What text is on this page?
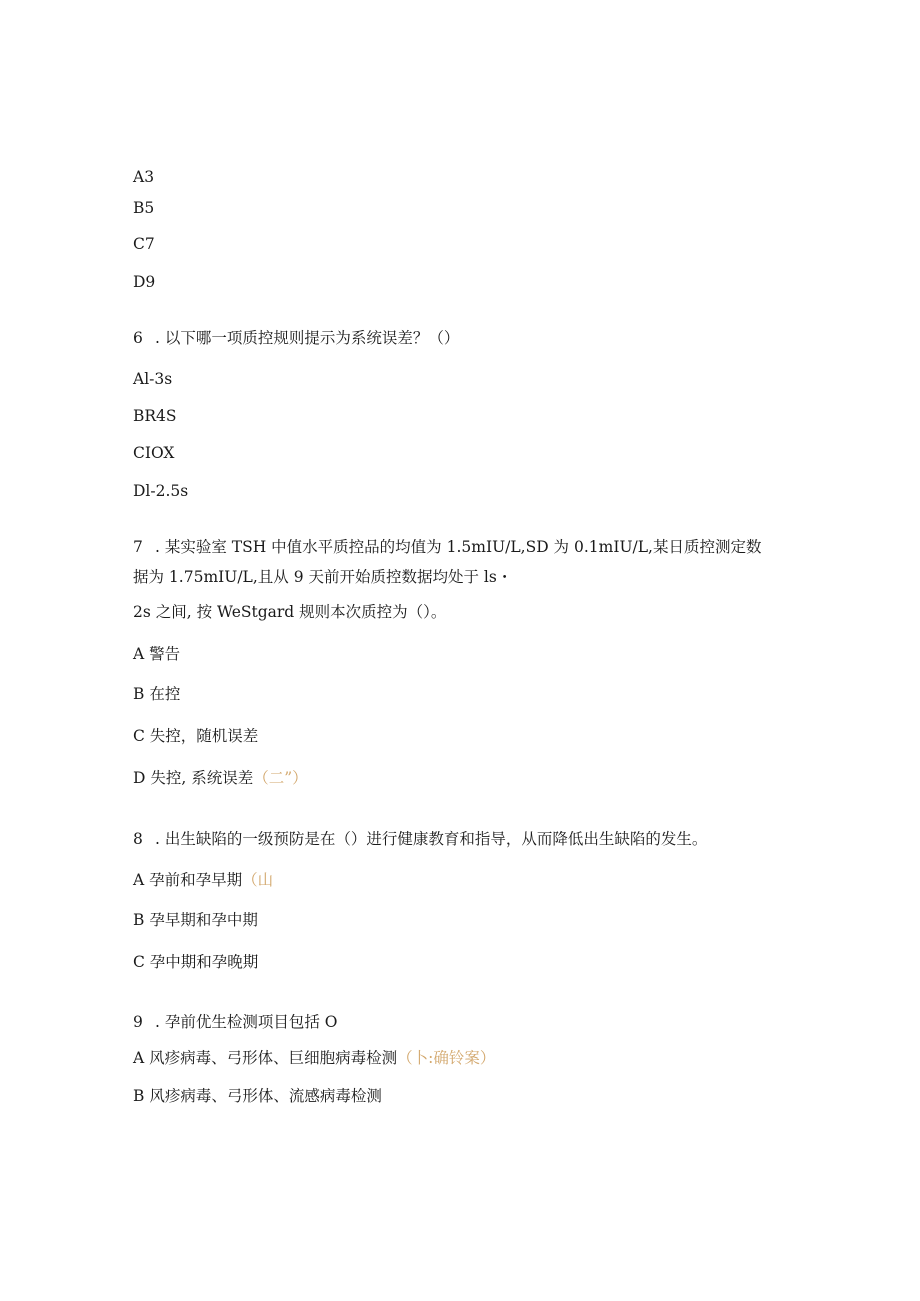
A3
B5
C7
D9
6 . 以下哪一项质控规则提示为系统误差？（）
Al-3s
BR4S
CIOX
Dl-2.5s
7 . 某实验室 TSH 中值水平质控品的均值为 1.5mIU/L,SD 为 0.1mIU/L,某日质控测定数
据为 1.75mIU/L,且从 9 天前开始质控数据均处于 ls・
2s 之间, 按 WeStgard 规则本次质控为（）。
A 警告
B 在控
C 失控，随机误差
D 失控, 系统误差（二”）
8 . 出生缺陷的一级预防是在（）进行健康教育和指导，从而降低出生缺陷的发生。
A 孕前和孕早期（山
B 孕早期和孕中期
C 孕中期和孕晚期
9 . 孕前优生检测项目包括 O
A 风疹病毒、弓形体、巨细胞病毒检测（卜:确铃案）
B 风疹病毒、弓形体、流感病毒检测
